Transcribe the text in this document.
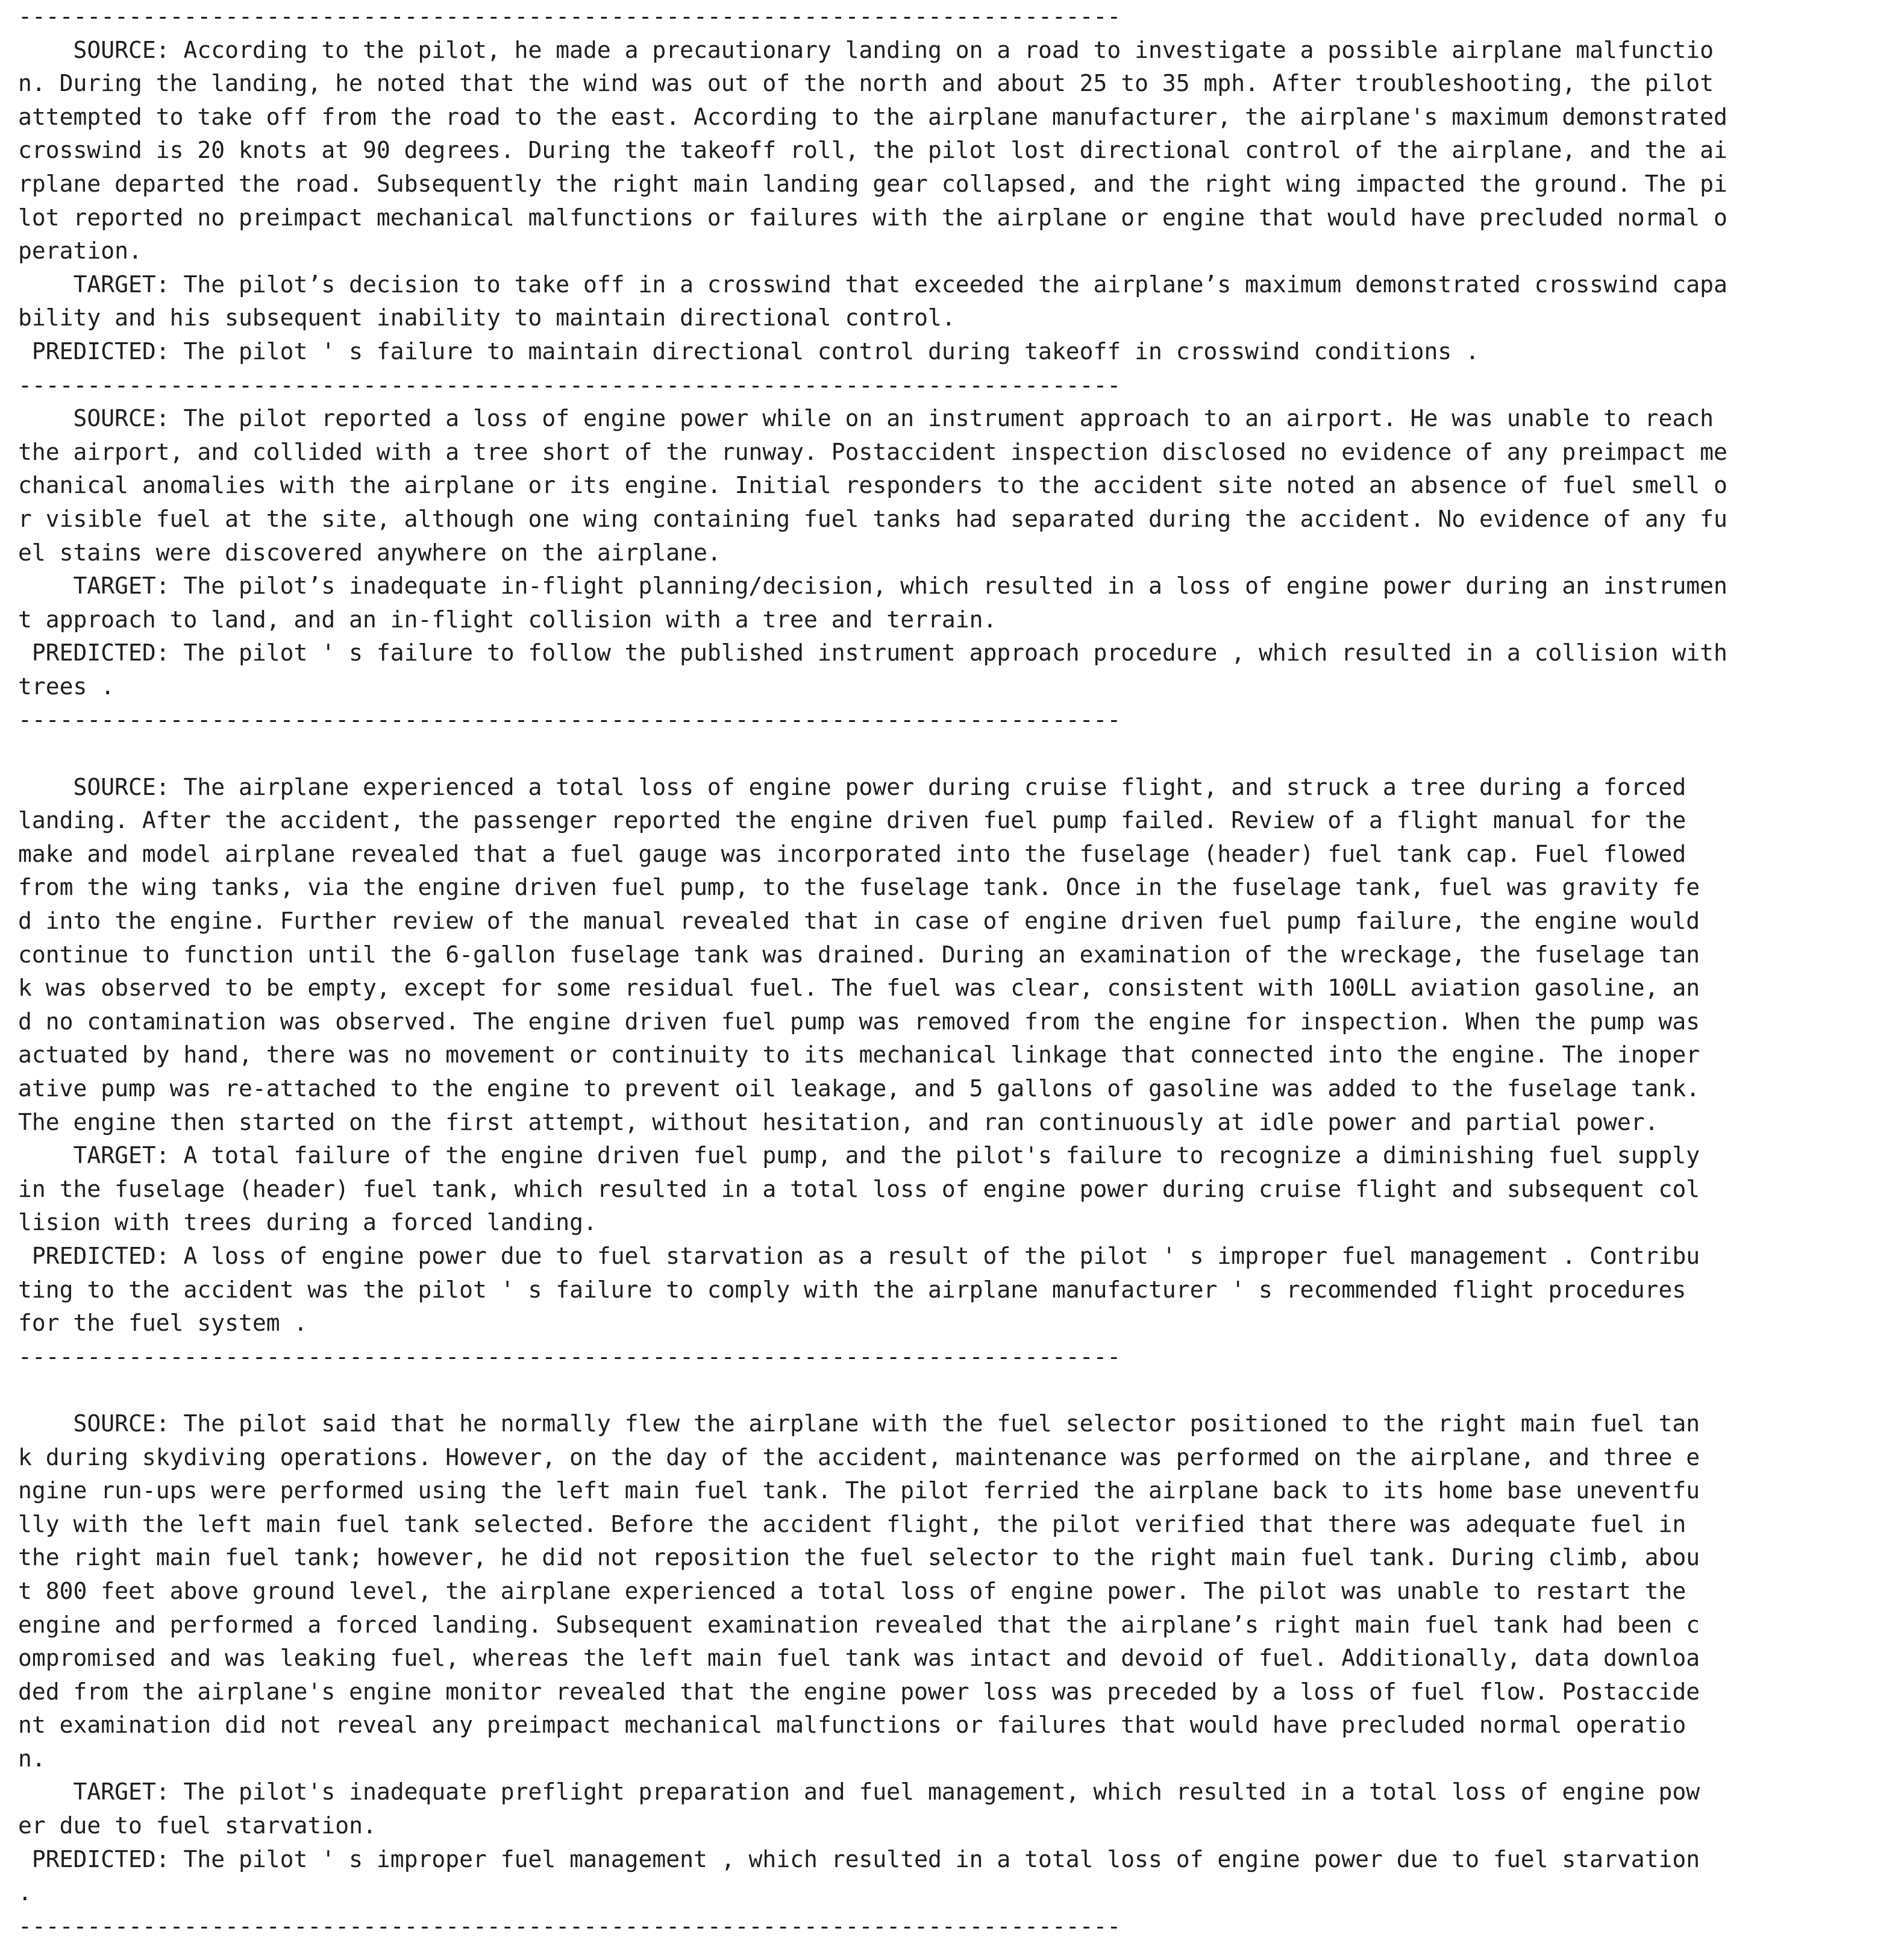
--------------------------------------------------------------------------------
SOURCE: According to the pilot, he made a precautionary landing on a road to investigate a possible airplane malfunctio
n. During the landing, he noted that the wind was out of the north and about 25 to 35 mph. After troubleshooting, the pilot
attempted to take off from the road to the east. According to the airplane manufacturer, the airplane's maximum demonstrated
crosswind is 20 knots at 90 degrees. During the takeoff roll, the pilot lost directional control of the airplane, and the ai
rplane departed the road. Subsequently the right main landing gear collapsed, and the right wing impacted the ground. The pi
lot reported no preimpact mechanical malfunctions or failures with the airplane or engine that would have precluded normal o
peration.
TARGET: The pilot’s decision to take off in a crosswind that exceeded the airplane’s maximum demonstrated crosswind capa
bility and his subsequent inability to maintain directional control.
PREDICTED: The pilot ' s failure to maintain directional control during takeoff in crosswind conditions .
--------------------------------------------------------------------------------
SOURCE: The pilot reported a loss of engine power while on an instrument approach to an airport. He was unable to reach
the airport, and collided with a tree short of the runway. Postaccident inspection disclosed no evidence of any preimpact me
chanical anomalies with the airplane or its engine. Initial responders to the accident site noted an absence of fuel smell o
r visible fuel at the site, although one wing containing fuel tanks had separated during the accident. No evidence of any fu
el stains were discovered anywhere on the airplane.
TARGET: The pilot’s inadequate in-flight planning/decision, which resulted in a loss of engine power during an instrumen
t approach to land, and an in-flight collision with a tree and terrain.
PREDICTED: The pilot ' s failure to follow the published instrument approach procedure , which resulted in a collision with
trees .
--------------------------------------------------------------------------------
SOURCE: The airplane experienced a total loss of engine power during cruise flight, and struck a tree during a forced
landing. After the accident, the passenger reported the engine driven fuel pump failed. Review of a flight manual for the
make and model airplane revealed that a fuel gauge was incorporated into the fuselage (header) fuel tank cap. Fuel flowed
from the wing tanks, via the engine driven fuel pump, to the fuselage tank. Once in the fuselage tank, fuel was gravity fe
d into the engine. Further review of the manual revealed that in case of engine driven fuel pump failure, the engine would
continue to function until the 6-gallon fuselage tank was drained. During an examination of the wreckage, the fuselage tan
k was observed to be empty, except for some residual fuel. The fuel was clear, consistent with 100LL aviation gasoline, an
d no contamination was observed. The engine driven fuel pump was removed from the engine for inspection. When the pump was
actuated by hand, there was no movement or continuity to its mechanical linkage that connected into the engine. The inoper
ative pump was re-attached to the engine to prevent oil leakage, and 5 gallons of gasoline was added to the fuselage tank.
The engine then started on the first attempt, without hesitation, and ran continuously at idle power and partial power.
TARGET: A total failure of the engine driven fuel pump, and the pilot's failure to recognize a diminishing fuel supply
in the fuselage (header) fuel tank, which resulted in a total loss of engine power during cruise flight and subsequent col
lision with trees during a forced landing.
PREDICTED: A loss of engine power due to fuel starvation as a result of the pilot ' s improper fuel management . Contribu
ting to the accident was the pilot ' s failure to comply with the airplane manufacturer ' s recommended flight procedures
for the fuel system .
--------------------------------------------------------------------------------
SOURCE: The pilot said that he normally flew the airplane with the fuel selector positioned to the right main fuel tan
k during skydiving operations. However, on the day of the accident, maintenance was performed on the airplane, and three e
ngine run-ups were performed using the left main fuel tank. The pilot ferried the airplane back to its home base uneventfu
lly with the left main fuel tank selected. Before the accident flight, the pilot verified that there was adequate fuel in
the right main fuel tank; however, he did not reposition the fuel selector to the right main fuel tank. During climb, abou
t 800 feet above ground level, the airplane experienced a total loss of engine power. The pilot was unable to restart the
engine and performed a forced landing. Subsequent examination revealed that the airplane’s right main fuel tank had been c
ompromised and was leaking fuel, whereas the left main fuel tank was intact and devoid of fuel. Additionally, data downloa
ded from the airplane's engine monitor revealed that the engine power loss was preceded by a loss of fuel flow. Postaccide
nt examination did not reveal any preimpact mechanical malfunctions or failures that would have precluded normal operatio
n.
TARGET: The pilot's inadequate preflight preparation and fuel management, which resulted in a total loss of engine pow
er due to fuel starvation.
PREDICTED: The pilot ' s improper fuel management , which resulted in a total loss of engine power due to fuel starvation
.
--------------------------------------------------------------------------------
